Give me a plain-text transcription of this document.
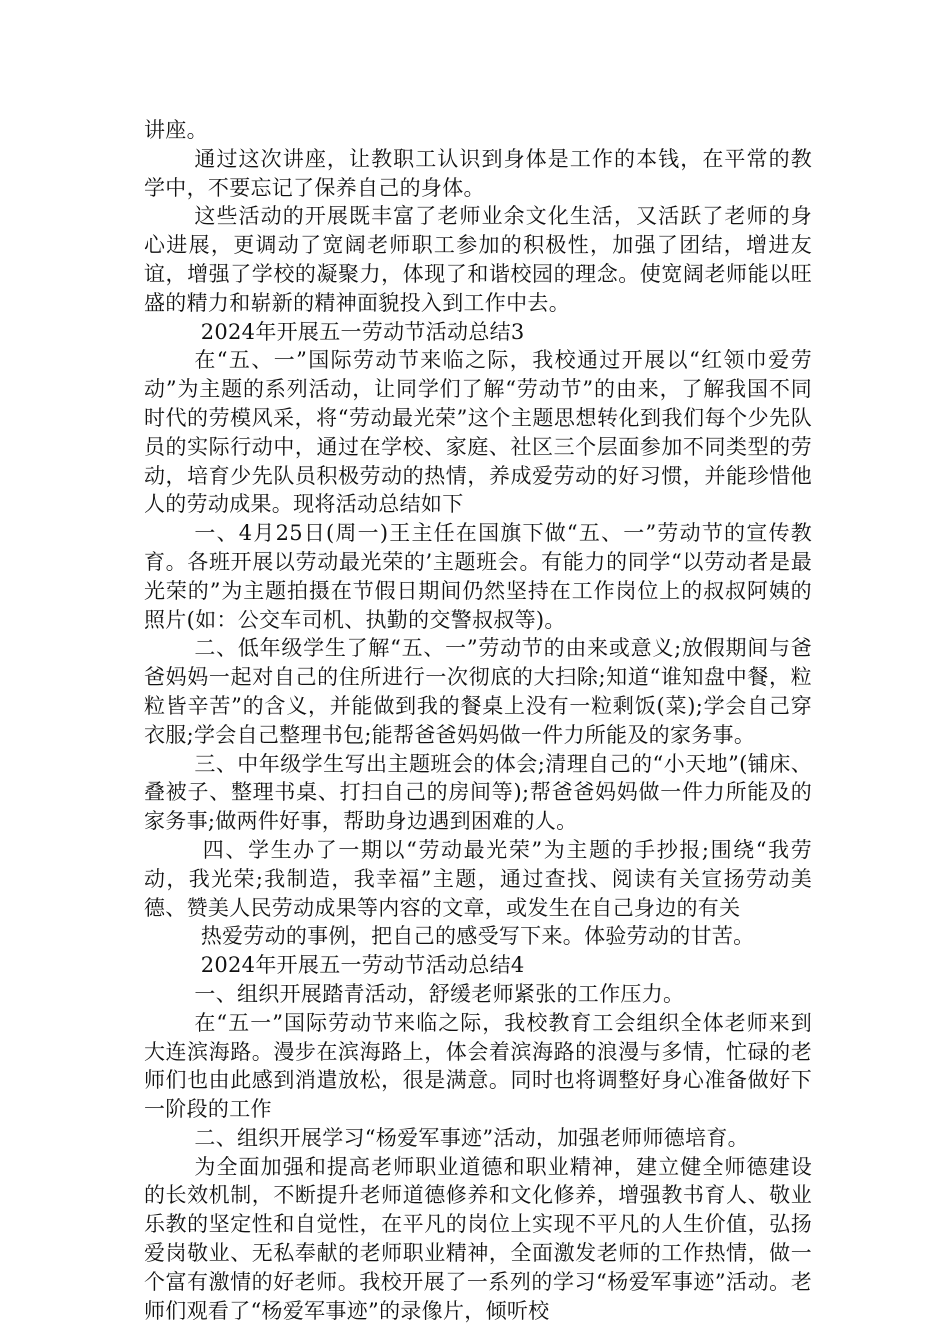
讲座。

通过这次讲座，让教职工认识到身体是工作的本钱，在平常的教学中，不要忘记了保养自己的身体。

这些活动的开展既丰富了老师业余文化生活，又活跃了老师的身心进展，更调动了宽阔老师职工参加的积极性，加强了团结，增进友谊，增强了学校的凝聚力，体现了和谐校园的理念。使宽阔老师能以旺盛的精力和崭新的精神面貌投入到工作中去。

2024年开展五一劳动节活动总结3

在“五、一”国际劳动节来临之际，我校通过开展以“红领巾爱劳动”为主题的系列活动，让同学们了解“劳动节”的由来，了解我国不同时代的劳模风采，将“劳动最光荣”这个主题思想转化到我们每个少先队员的实际行动中，通过在学校、家庭、社区三个层面参加不同类型的劳动，培育少先队员积极劳动的热情，养成爱劳动的好习惯，并能珍惜他人的劳动成果。现将活动总结如下

一、4月25日(周一)王主任在国旗下做“五、一”劳动节的宣传教育。各班开展以劳动最光荣的’主题班会。有能力的同学“以劳动者是最光荣的”为主题拍摄在节假日期间仍然坚持在工作岗位上的叔叔阿姨的照片(如：公交车司机、执勤的交警叔叔等)。

二、低年级学生了解“五、一”劳动节的由来或意义;放假期间与爸爸妈妈一起对自己的住所进行一次彻底的大扫除;知道“谁知盘中餐，粒粒皆辛苦”的含义，并能做到我的餐桌上没有一粒剩饭(菜);学会自己穿衣服;学会自己整理书包;能帮爸爸妈妈做一件力所能及的家务事。

三、中年级学生写出主题班会的体会;清理自己的“小天地”(铺床、叠被子、整理书桌、打扫自己的房间等);帮爸爸妈妈做一件力所能及的家务事;做两件好事，帮助身边遇到困难的人。

四、学生办了一期以“劳动最光荣”为主题的手抄报;围绕“我劳动，我光荣;我制造，我幸福”主题，通过查找、阅读有关宣扬劳动美德、赞美人民劳动成果等内容的文章，或发生在自己身边的有关

热爱劳动的事例，把自己的感受写下来。体验劳动的甘苦。

2024年开展五一劳动节活动总结4

一、组织开展踏青活动，舒缓老师紧张的工作压力。

在“五一”国际劳动节来临之际，我校教育工会组织全体老师来到大连滨海路。漫步在滨海路上，体会着滨海路的浪漫与多情，忙碌的老师们也由此感到消遣放松，很是满意。同时也将调整好身心准备做好下一阶段的工作

二、组织开展学习“杨爱军事迹”活动，加强老师师德培育。

为全面加强和提高老师职业道德和职业精神，建立健全师德建设的长效机制，不断提升老师道德修养和文化修养，增强教书育人、敬业乐教的坚定性和自觉性，在平凡的岗位上实现不平凡的人生价值，弘扬爱岗敬业、无私奉献的老师职业精神，全面激发老师的工作热情，做一个富有激情的好老师。我校开展了一系列的学习“杨爱军事迹”活动。老师们观看了“杨爱军事迹”的录像片，倾听校
